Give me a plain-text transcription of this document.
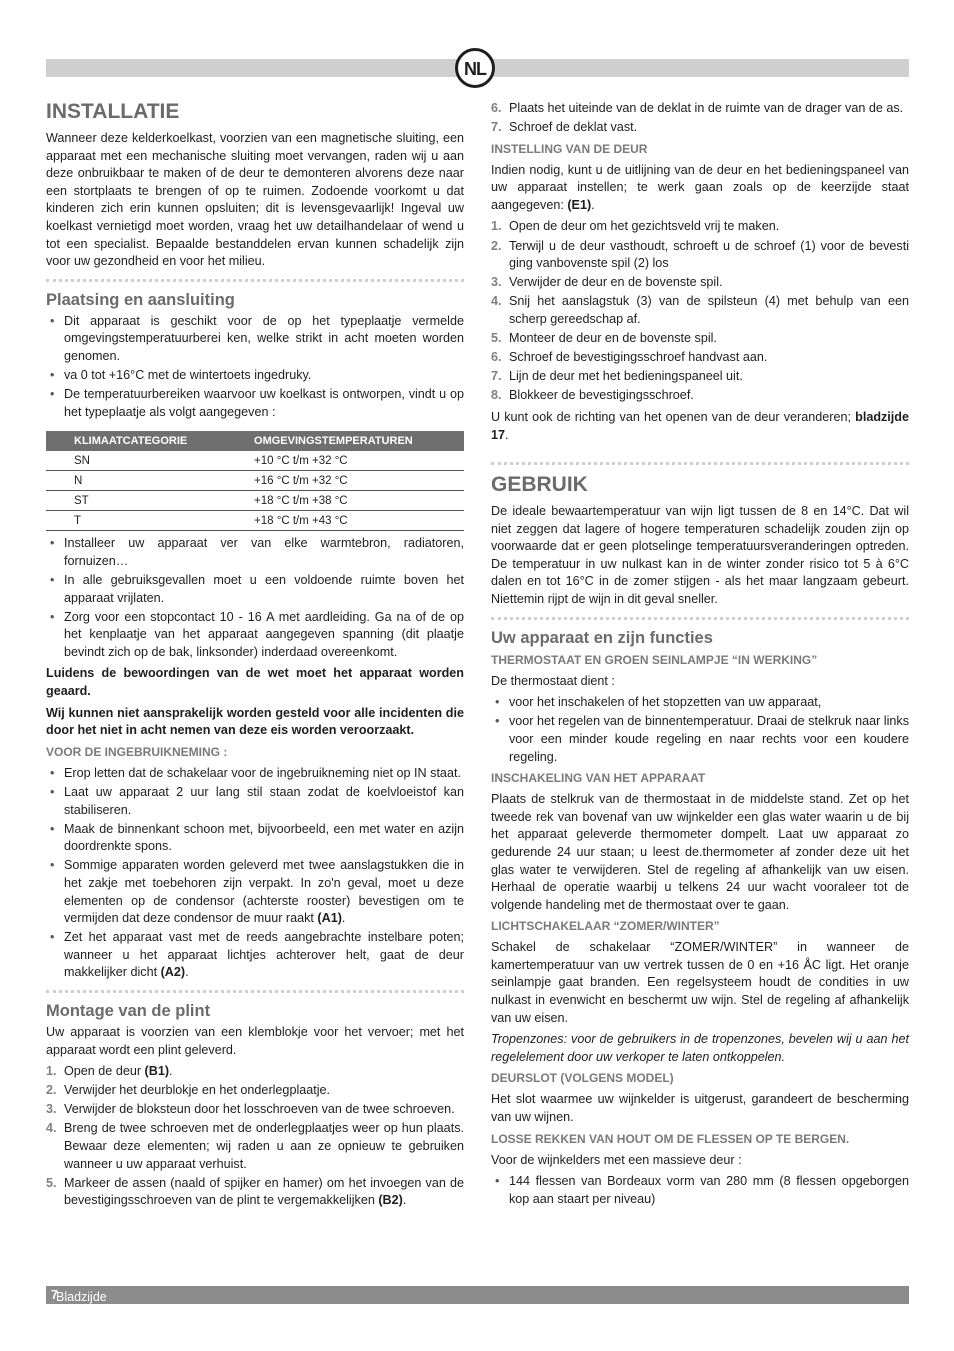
NL
INSTALLATIE

Wanneer deze kelderkoelkast, voorzien van een magnetische sluiting, een apparaat met een mechanische sluiting moet vervangen, raden wij u aan deze onbruikbaar te maken of de deur te demonteren alvorens deze naar een stortplaats te brengen of op te ruimen. Zodoende voorkomt u dat kinderen zich erin kunnen opsluiten; dit is levensgevaarlijk! Ingeval uw koelkast vernietigd moet worden, vraag het uw detailhandelaar of wend u tot een specialist. Bepaalde bestanddelen ervan kunnen schadelijk zijn voor uw gezondheid en voor het milieu.

Plaatsing en aansluiting
• Dit apparaat is geschikt voor de op het typeplaatje vermelde omgevingstemperatuurberei ken, welke strikt in acht moeten worden genomen.
• va 0 tot +16°C met de wintertoets ingedruky.
• De temperatuurbereiken waarvoor uw koelkast is ontworpen, vindt u op het typeplaatje als volgt aangegeven :
KLIMAATCATEGORIE	OMGEVINGSTEMPERATUREN
SN	+10 °C t/m +32 °C
N	+16 °C t/m +32 °C
ST	+18 °C t/m +38 °C
T	+18 °C t/m +43 °C
• Installeer uw apparaat ver van elke warmtebron, radiatoren, fornuizen…
• In alle gebruiksgevallen moet u een voldoende ruimte boven het apparaat vrijlaten.
• Zorg voor een stopcontact 10 - 16 A met aardleiding. Ga na of de op het kenplaatje van het apparaat aangegeven spanning (dit plaatje bevindt zich op de bak, linksonder) inderdaad overeenkomt.

Luidens de bewoordingen van de wet moet het apparaat worden geaard.

Wij kunnen niet aansprakelijk worden gesteld voor alle incidenten die door het niet in acht nemen van deze eis worden veroorzaakt.

VOOR DE INGEBRUIKNEMING :
• Erop letten dat de schakelaar voor de ingebruikneming niet op IN staat.
• Laat uw apparaat 2 uur lang stil staan zodat de koelvloeistof kan stabiliseren.
• Maak de binnenkant schoon met, bijvoorbeeld, een met water en azijn doordrenkte spons.
• Sommige apparaten worden geleverd met twee aanslagstukken die in het zakje met toebehoren zijn verpakt. In zo'n geval, moet u deze elementen op de condensor (achterste rooster) bevestigen om te vermijden dat deze condensor de muur raakt (A1).
• Zet het apparaat vast met de reeds aangebrachte instelbare poten; wanneer u het apparaat lichtjes achterover helt, gaat de deur makkelijker dicht (A2).
Montage van de plint

Uw apparaat is voorzien van een klemblokje voor het vervoer; met het apparaat wordt een plint geleverd.

1. Open de deur (B1).
2. Verwijder het deurblokje en het onderlegplaatje.
3. Verwijder de bloksteun door het losschroeven van de twee schroeven.
4. Breng de twee schroeven met de onderlegplaatjes weer op hun plaats. Bewaar deze elementen; wij raden u aan ze opnieuw te gebruiken wanneer u uw apparaat verhuist.
5. Markeer de assen (naald of spijker en hamer) om het invoegen van de bevestigingsschroeven van de plint te vergemakkelijken (B2).
6. Plaats het uiteinde van de deklat in de ruimte van de drager van de as.
7. Schroef de deklat vast.
INSTELLING VAN DE DEUR

Indien nodig, kunt u de uitlijning van de deur en het bedieningspaneel van uw apparaat instellen; te werk gaan zoals op de keerzijde staat aangegeven: (E1).

1. Open de deur om het gezichtsveld vrij te maken.
2. Terwijl u de deur vasthoudt, schroeft u de schroef (1) voor de bevesti ging vanbovenste spil (2) los
3. Verwijder de deur en de bovenste spil.
4. Snij het aanslagstuk (3) van de spilsteun (4) met behulp van een scherp gereedschap af.
5. Monteer de deur en de bovenste spil.
6. Schroef de bevestigingsschroef handvast aan.
7. Lijn de deur met het bedieningspaneel uit.
8. Blokkeer de bevestigingsschroef.

U kunt ook de richting van het openen van de deur veranderen; bladzijde 17.

GEBRUIK

De ideale bewaartemperatuur van wijn ligt tussen de 8 en 14°C. Dat wil niet zeggen dat lagere of hogere temperaturen schadelijk zouden zijn op voorwaarde dat er geen plotselinge temperatuursveranderingen optreden. De temperatuur in uw nulkast kan in de winter zonder risico tot 5 à 6°C dalen en tot 16°C in de zomer stijgen - als het maar langzaam gebeurt. Niettemin rijpt de wijn in dit geval sneller.

Uw apparaat en zijn functies
THERMOSTAAT EN GROEN SEINLAMPJE “IN WERKING”

De thermostaat dient :

• voor het inschakelen of het stopzetten van uw apparaat,
• voor het regelen van de binnentemperatuur. Draai de stelkruk naar links voor een minder koude regeling en naar rechts voor een koudere regeling.
INSCHAKELING VAN HET APPARAAT

Plaats de stelkruk van de thermostaat in de middelste stand. Zet op het tweede rek van bovenaf van uw wijnkelder een glas water waarin u de bij het apparaat geleverde thermometer dompelt. Laat uw apparaat zo gedurende 24 uur staan; u leest de.thermometer af zonder deze uit het glas water te verwijderen. Stel de regeling af afhankelijk van uw eisen. Herhaal de operatie waarbij u telkens 24 uur wacht vooraleer tot de volgende handeling met de thermostaat over te gaan.

LICHTSCHAKELAAR “ZOMER/WINTER”

Schakel de schakelaar “ZOMER/WINTER” in wanneer de kamertemperatuur van uw vertrek tussen de 0 en +16 ÅC ligt. Het oranje seinlampje gaat branden. Een regelsysteem houdt de condities in uw nulkast in evenwicht en beschermt uw wijn. Stel de regeling af afhankelijk van uw eisen.

Tropenzones: voor de gebruikers in de tropenzones, bevelen wij u aan het regelelement door uw verkoper te laten ontkoppelen.

DEURSLOT (VOLGENS MODEL)

Het slot waarmee uw wijnkelder is uitgerust, garandeert de bescherming van uw wijnen.

LOSSE REKKEN VAN HOUT OM DE FLESSEN OP TE BERGEN.

Voor de wijnkelders met een massieve deur :

• 144 flessen van Bordeaux vorm van 280 mm (8 flessen opgeborgen kop aan staart per niveau)
Bladzijde
7
